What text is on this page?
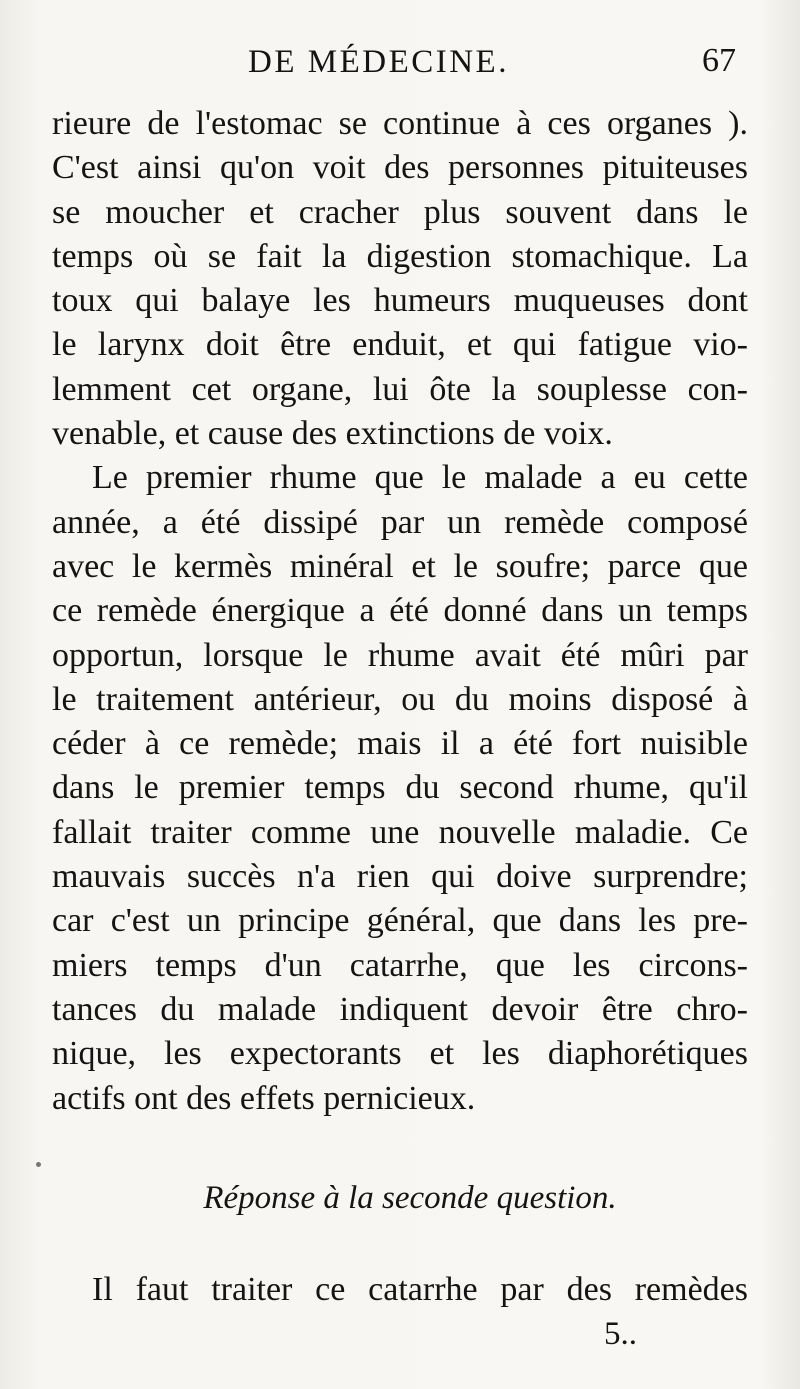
DE MÉDECINE.	67
rieure de l'estomac se continue à ces organes ).
C'est ainsi qu'on voit des personnes pituiteuses
se moucher et cracher plus souvent dans le
temps où se fait la digestion stomachique. La
toux qui balaye les humeurs muqueuses dont
le larynx doit être enduit, et qui fatigue vio-
lemment cet organe, lui ôte la souplesse con-
venable, et cause des extinctions de voix.
Le premier rhume que le malade a eu cette
année, a été dissipé par un remède composé
avec le kermès minéral et le soufre; parce que
ce remède énergique a été donné dans un temps
opportun, lorsque le rhume avait été mûri par
le traitement antérieur, ou du moins disposé à
céder à ce remède; mais il a été fort nuisible
dans le premier temps du second rhume, qu'il
fallait traiter comme une nouvelle maladie. Ce
mauvais succès n'a rien qui doive surprendre;
car c'est un principe général, que dans les pre-
miers temps d'un catarrhe, que les circons-
tances du malade indiquent devoir être chro-
nique, les expectorants et les diaphorétiques
actifs ont des effets pernicieux.
Réponse à la seconde question.
Il faut traiter ce catarrhe par des remèdes
5..
